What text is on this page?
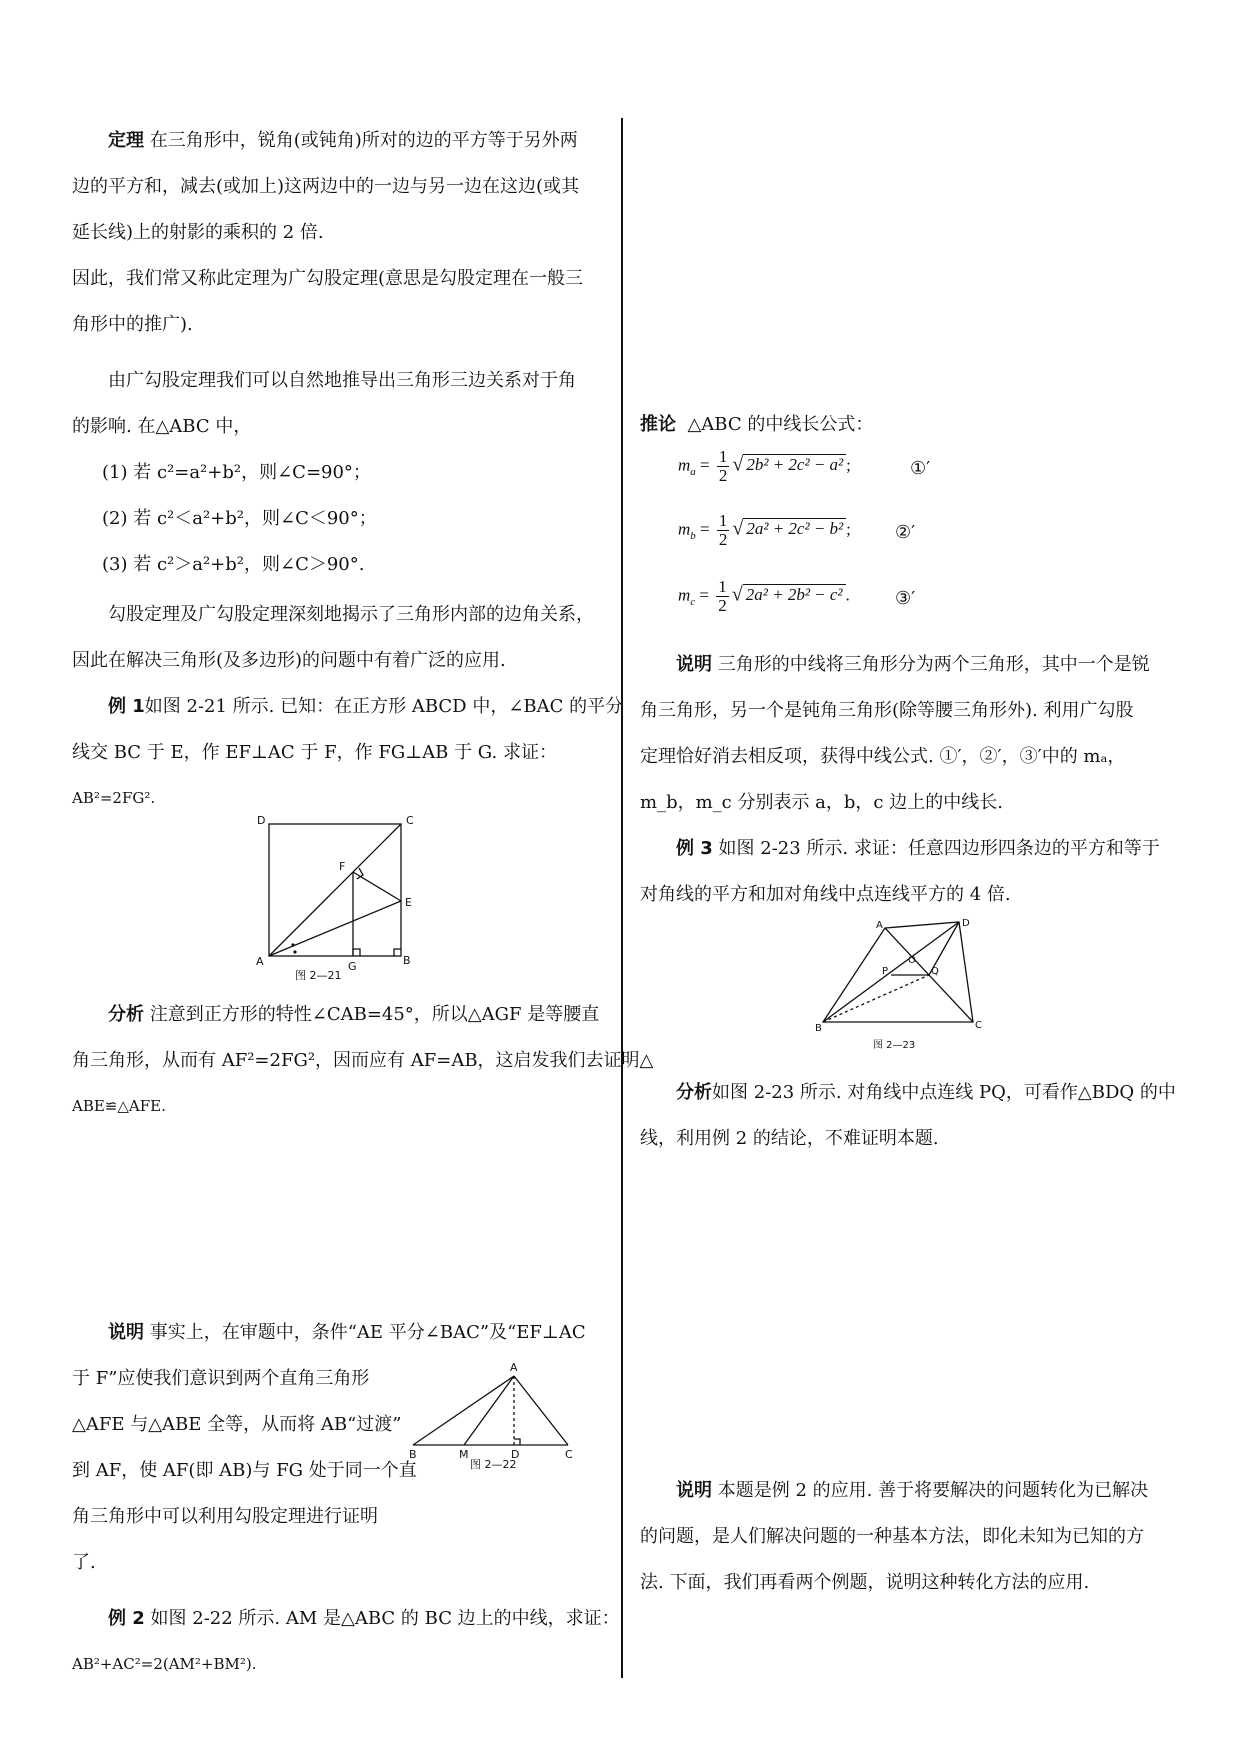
定理 在三角形中，锐角(或钝角)所对的边的平方等于另外两

边的平方和，减去(或加上)这两边中的一边与另一边在这边(或其

延长线)上的射影的乘积的 2 倍.

因此，我们常又称此定理为广勾股定理(意思是勾股定理在一般三

角形中的推广).

由广勾股定理我们可以自然地推导出三角形三边关系对于角

的影响. 在△ABC 中，

(1) 若 c²=a²+b²，则∠C=90°；

(2) 若 c²＜a²+b²，则∠C＜90°；

(3) 若 c²＞a²+b²，则∠C＞90°.

勾股定理及广勾股定理深刻地揭示了三角形内部的边角关系，

因此在解决三角形(及多边形)的问题中有着广泛的应用.

例 1如图 2-21 所示. 已知：在正方形 ABCD 中，∠BAC 的平分

线交 BC 于 E，作 EF⊥AC 于 F，作 FG⊥AB 于 G. 求证：

AB²=2FG².

D	C
F
E
A	G	B
图 2—21

分析 注意到正方形的特性∠CAB=45°，所以△AGF 是等腰直

角三角形，从而有 AF²=2FG²，因而应有 AF=AB，这启发我们去证明△

ABE≌△AFE.

说明 事实上，在审题中，条件“AE 平分∠BAC”及“EF⊥AC

于 F”应使我们意识到两个直角三角形

△AFE 与△ABE 全等，从而将 AB“过渡”

到 AF，使 AF(即 AB)与 FG 处于同一个直

角三角形中可以利用勾股定理进行证明

了.

A
B	M	D	C
图 2—22

例 2 如图 2-22 所示. AM 是△ABC 的 BC 边上的中线，求证：

AB²+AC²=2(AM²+BM²).

推论 △ABC 的中线长公式：

$m_a = \frac{1}{2}$ √ 2b² + 2c² − a² ;	①′
$m_b = \frac{1}{2}$ √ 2a² + 2c² − b² ; ②′
$m_c = \frac{1}{2}$ √ 2a² + 2b² − c² .	③′

说明 三角形的中线将三角形分为两个三角形，其中一个是锐

角三角形，另一个是钝角三角形(除等腰三角形外). 利用广勾股

定理恰好消去相反项，获得中线公式. ①′，②′，③′中的 mₐ，

m_b，m_c 分别表示 a，b，c 边上的中线长.

例 3 如图 2-23 所示. 求证：任意四边形四条边的平方和等于

对角线的平方和加对角线中点连线平方的 4 倍.

A	D
O
P	Q
B	C
图 2—23

分析如图 2-23 所示. 对角线中点连线 PQ，可看作△BDQ 的中

线，利用例 2 的结论，不难证明本题.

说明 本题是例 2 的应用. 善于将要解决的问题转化为已解决

的问题，是人们解决问题的一种基本方法，即化未知为已知的方

法. 下面，我们再看两个例题，说明这种转化方法的应用.
